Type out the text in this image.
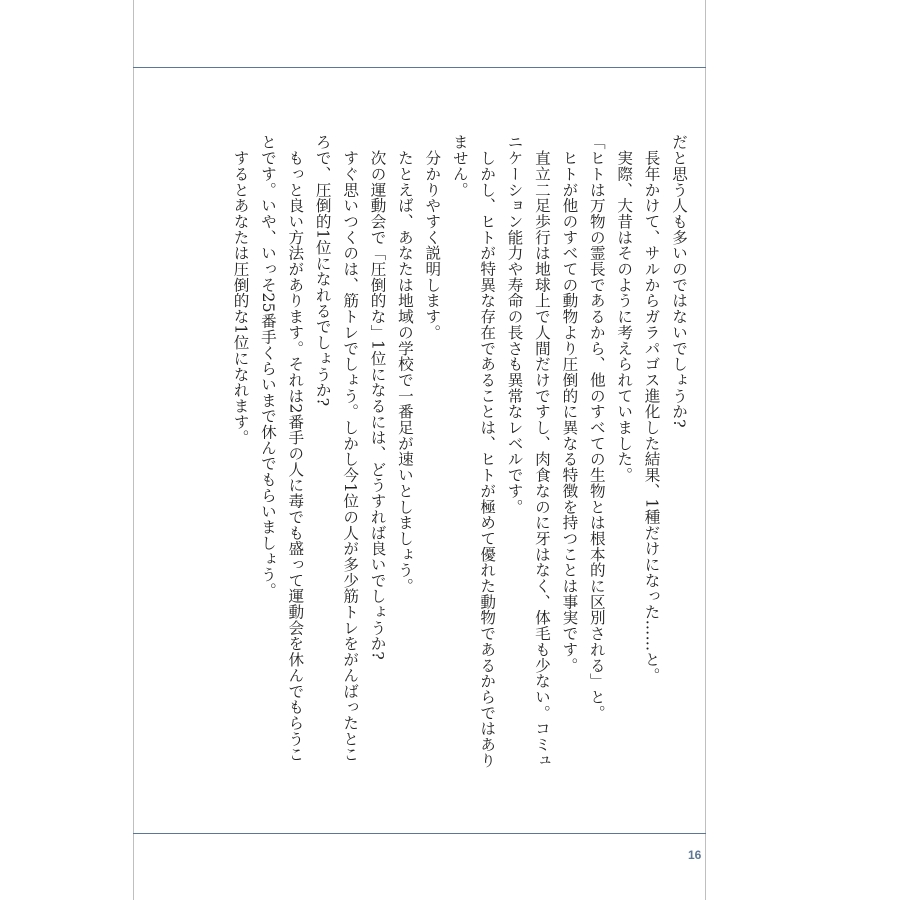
だと思う人も多いのではないでしょうか?
　長年かけて、サルからガラパゴス進化した結果、1種だけになった……と。
　実際、大昔はそのように考えられていました。
「ヒトは万物の霊長であるから、他のすべての生物とは根本的に区別される」と。
　ヒトが他のすべての動物より圧倒的に異なる特徴を持つことは事実です。
　直立二足歩行は地球上で人間だけですし、肉食なのに牙はなく、体毛も少ない。コミュ
ニケーション能力や寿命の長さも異常なレベルです。
　しかし、ヒトが特異な存在であることは、ヒトが極めて優れた動物であるからではあり
ません。
　分かりやすく説明します。
　たとえば、あなたは地域の学校で一番足が速いとしましょう。
　次の運動会で「圧倒的な」1位になるには、どうすれば良いでしょうか?
　すぐ思いつくのは、筋トレでしょう。しかし今1位の人が多少筋トレをがんばったとこ
ろで、圧倒的1位になれるでしょうか?
　もっと良い方法があります。それは2番手の人に毒でも盛って運動会を休んでもらうこ
とです。いや、いっそ25番手くらいまで休んでもらいましょう。
　するとあなたは圧倒的な1位になれます。
16
